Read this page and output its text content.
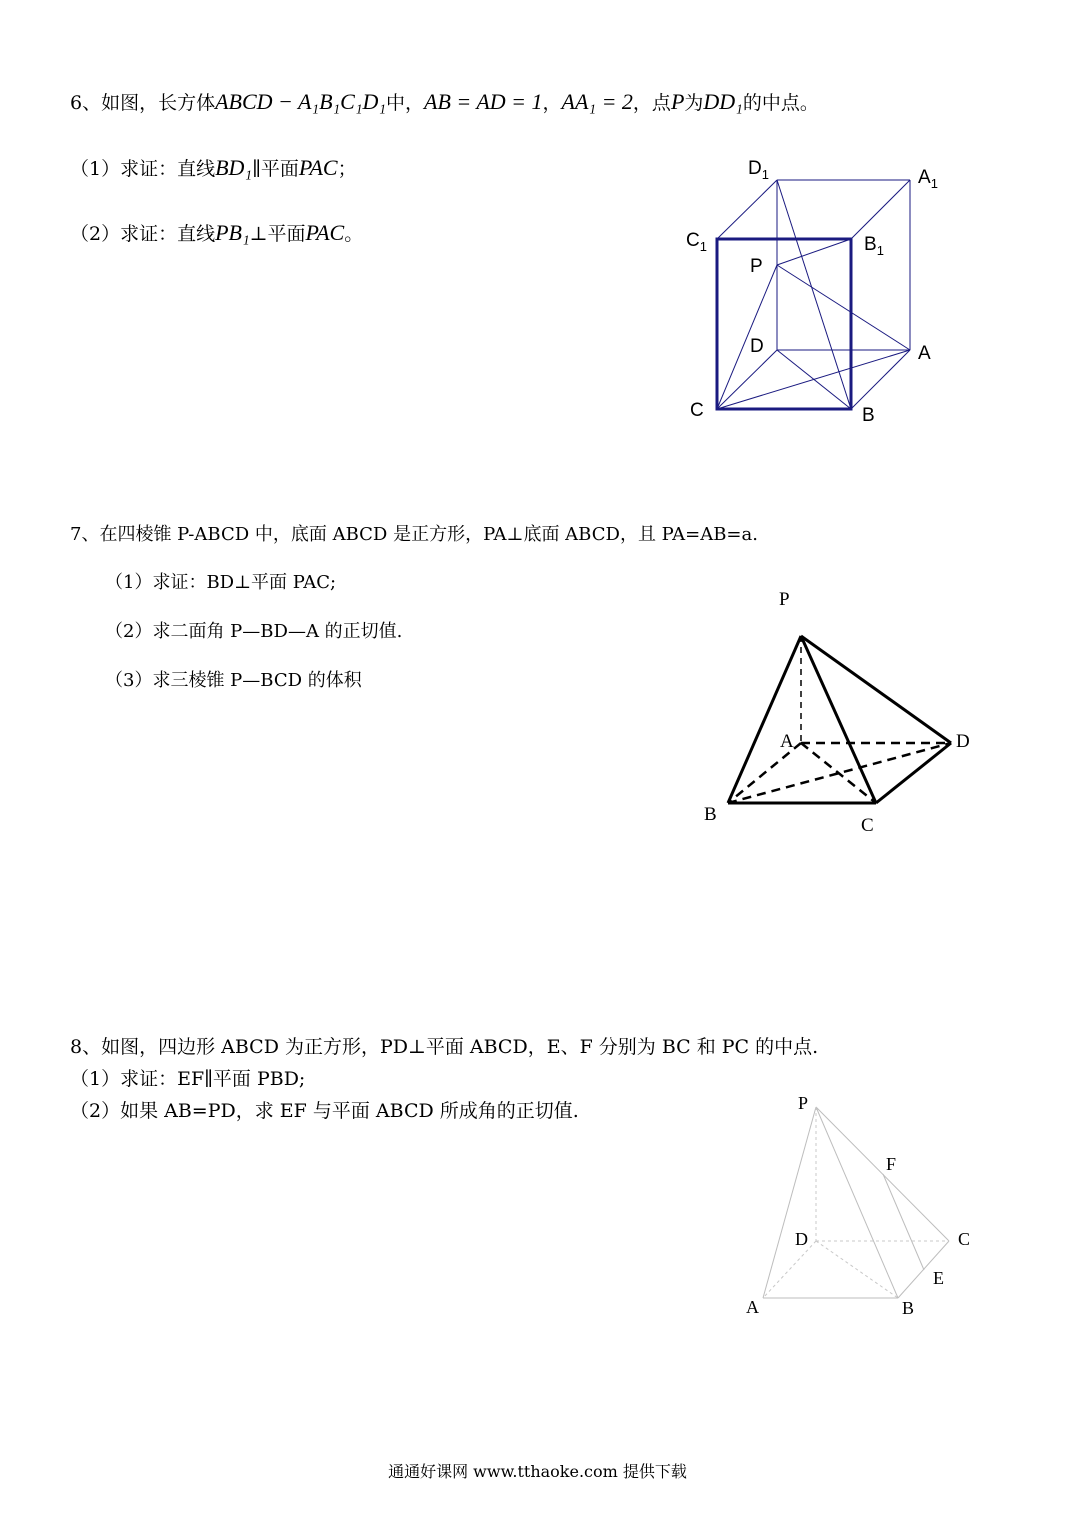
6、如图，长方体ABCD − A₁B₁C₁D₁中，AB = AD = 1，AA₁ = 2，点P为DD₁的中点。
（1）求证：直线BD₁∥平面PAC；
（2）求证：直线PB₁⊥平面PAC。
$D_1$	$A_1$
$C_1$	$B_1$
P
D	A
C	B
7、在四棱锥 P-ABCD 中，底面 ABCD 是正方形，PA⊥底面 ABCD，且 PA=AB=a.
（1）求证：BD⊥平面 PAC;
（2）求二面角 P—BD—A 的正切值.
（3）求三棱锥 P—BCD 的体积
P
A	D
B
C
8、如图，四边形 ABCD 为正方形，PD⊥平面 ABCD，E、F 分别为 BC 和 PC 的中点.
（1）求证：EF∥平面 PBD;
（2）如果 AB=PD，求 EF 与平面 ABCD 所成角的正切值.	P
F
D	C
E
A	B
通通好课网 www.tthaoke.com 提供下载
